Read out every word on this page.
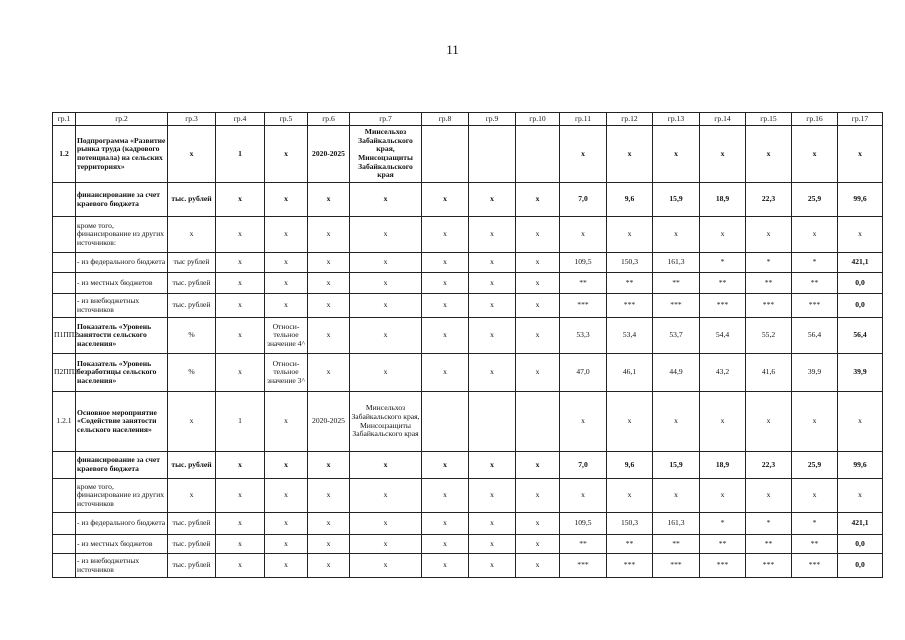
11
гр.1	гр.2	гр.3	гр.4	гр.5	гр.6	гр.7	гр.8	гр.9	гр.10	гр.11	гр.12	гр.13	гр.14	гр.15	гр.16	гр.17
1.2	Подпрограмма «Развитие рынка труда (кадрового потенциала) на сельских территориях»	х	1	х	2020-2025	Минсельхоз Забайкальского края, Минсоцзащиты Забайкальского края				х	х	х	х	х	х	х
	финансирование за счет краевого бюджета	тыс. рублей	х	х	х	х	х	х	х	7,0	9,6	15,9	18,9	22,3	25,9	99,6
	кроме того, финансирование из других источников:	х	х	х	х	х	х	х	х	х	х	х	х	х	х	х
	- из федерального бюджета	тыс рублей	х	х	х	х	х	х	х	109,5	150,3	161,3	*	*	*	421,1
	- из местных бюджетов	тыс. рублей	х	х	х	х	х	х	х	**	**	**	**	**	**	0,0
	- из внебюджетных источников	тыс. рублей	х	х	х	х	х	х	х	***	***	***	***	***	***	0,0
П1ПП2	Показатель «Уровень занятости сельского населения»	%	х	Относи-тельное значение 4^	х	х	х	х	х	53,3	53,4	53,7	54,4	55,2	56,4	56,4
П2ПП2	Показатель «Уровень безработицы сельского населения»	%	х	Относи-тельное значение 3^	х	х	х	х	х	47,0	46,1	44,9	43,2	41,6	39,9	39,9
1.2.1	Основное мероприятие «Содействие занятости сельского населения»	х	1	х	2020-2025	Минсельхоз Забайкальского края, Минсоцзащиты Забайкальского края				х	х	х	х	х	х	х
	финансирование за счет краевого бюджета	тыс. рублей	х	х	х	х	х	х	х	7,0	9,6	15,9	18,9	22,3	25,9	99,6
	кроме того, финансирование из других источников	х	х	х	х	х	х	х	х	х	х	х	х	х	х	х
	- из федерального бюджета	тыс. рублей	х	х	х	х	х	х	х	109,5	150,3	161,3	*	*	*	421,1
	- из местных бюджетов	тыс. рублей	х	х	х	х	х	х	х	**	**	**	**	**	**	0,0
	- из внебюджетных источников	тыс. рублей	х	х	х	х	х	х	х	***	***	***	***	***	***	0,0
